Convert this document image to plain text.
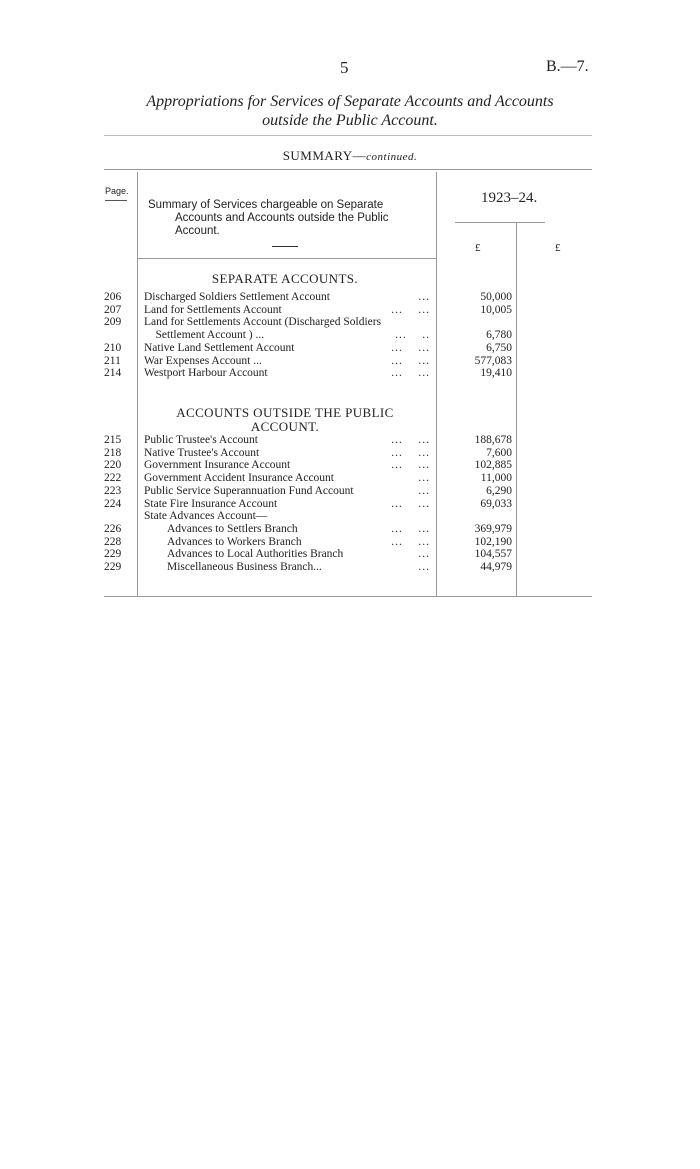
5	B.—7.
Appropriations for Services of Separate Accounts and Accounts
outside the Public Account.
SUMMARY—continued.
Page.
Summary of Services chargeable on Separate
Accounts and Accounts outside the Public
Account.
1923–24.
£	£
SEPARATE ACCOUNTS.
206 Discharged Soldiers Settlement Account	...	50,000
207 Land for Settlements Account	...    ...	10,005
209 Land for Settlements Account (Discharged Soldiers
Settlement Account ) ...	...    ..	6,780
210 Native Land Settlement Account	...    ...	6,750
211 War Expenses Account ...	...    ...	577,083
214 Westport Harbour Account	...    ...	19,410
ACCOUNTS OUTSIDE THE PUBLIC
ACCOUNT.
215 Public Trustee's Account	...    ...	188,678
218 Native Trustee's Account	...    ...	7,600
220 Government Insurance Account	...    ...	102,885
222 Government Accident Insurance Account	...	11,000
223 Public Service Superannuation Fund Account	...	6,290
224 State Fire Insurance Account	...    ...	69,033
State Advances Account—
226 Advances to Settlers Branch	...    ...	369,979
228 Advances to Workers Branch	...    ...	102,190
229 Advances to Local Authorities Branch	...	104,557
229 Miscellaneous Business Branch...	...	44,979
